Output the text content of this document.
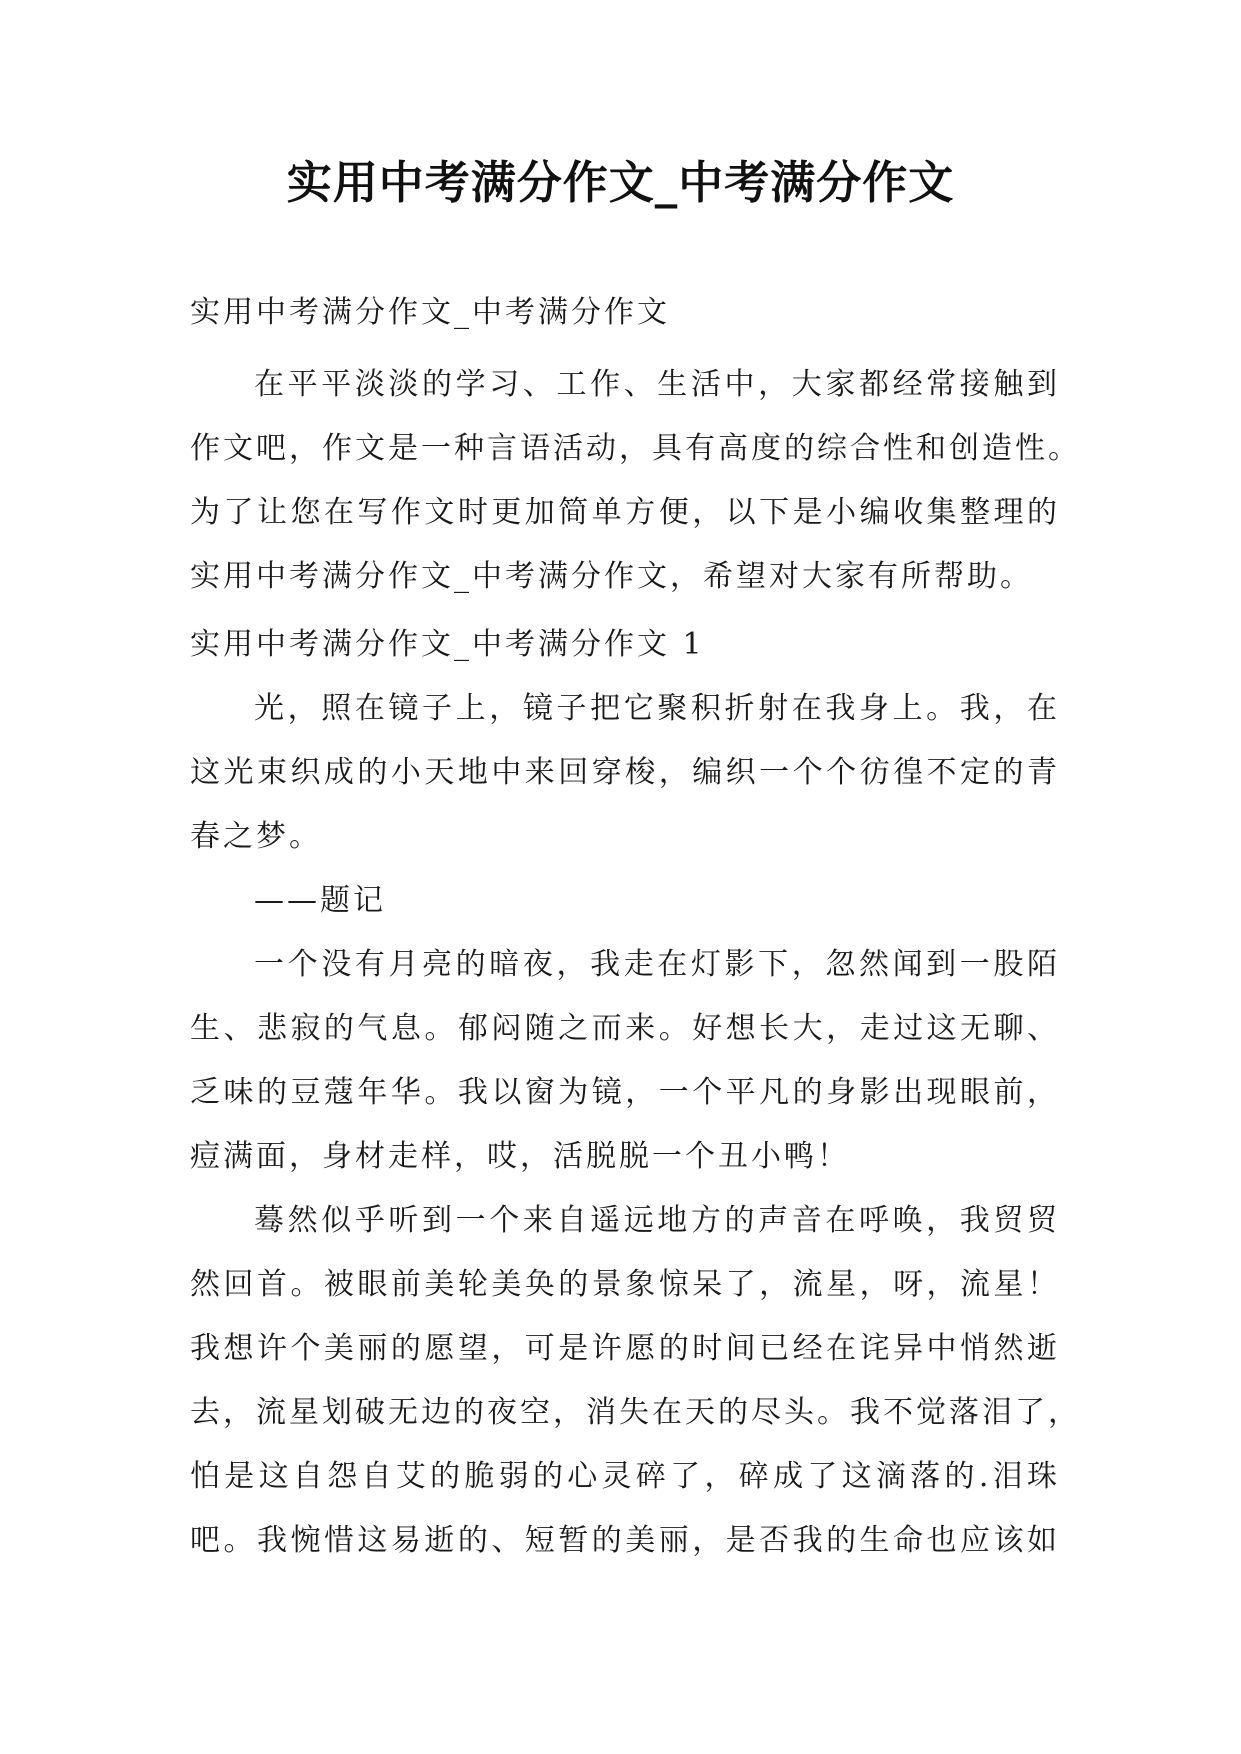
实用中考满分作文_中考满分作文
实用中考满分作文_中考满分作文
在平平淡淡的学习、工作、生活中，大家都经常接触到
作文吧，作文是一种言语活动，具有高度的综合性和创造性。
为了让您在写作文时更加简单方便，以下是小编收集整理的
实用中考满分作文_中考满分作文，希望对大家有所帮助。
实用中考满分作文_中考满分作文 1
光，照在镜子上，镜子把它聚积折射在我身上。我，在
这光束织成的小天地中来回穿梭，编织一个个彷徨不定的青
春之梦。
——题记
一个没有月亮的暗夜，我走在灯影下，忽然闻到一股陌
生、悲寂的气息。郁闷随之而来。好想长大，走过这无聊、
乏味的豆蔻年华。我以窗为镜，一个平凡的身影出现眼前，
痘满面，身材走样，哎，活脱脱一个丑小鸭！
蓦然似乎听到一个来自遥远地方的声音在呼唤，我贸贸
然回首。被眼前美轮美奂的景象惊呆了，流星，呀，流星！
我想许个美丽的愿望，可是许愿的时间已经在诧异中悄然逝
去，流星划破无边的夜空，消失在天的尽头。我不觉落泪了，
怕是这自怨自艾的脆弱的心灵碎了，碎成了这滴落的.泪珠
吧。我惋惜这易逝的、短暂的美丽，是否我的生命也应该如
